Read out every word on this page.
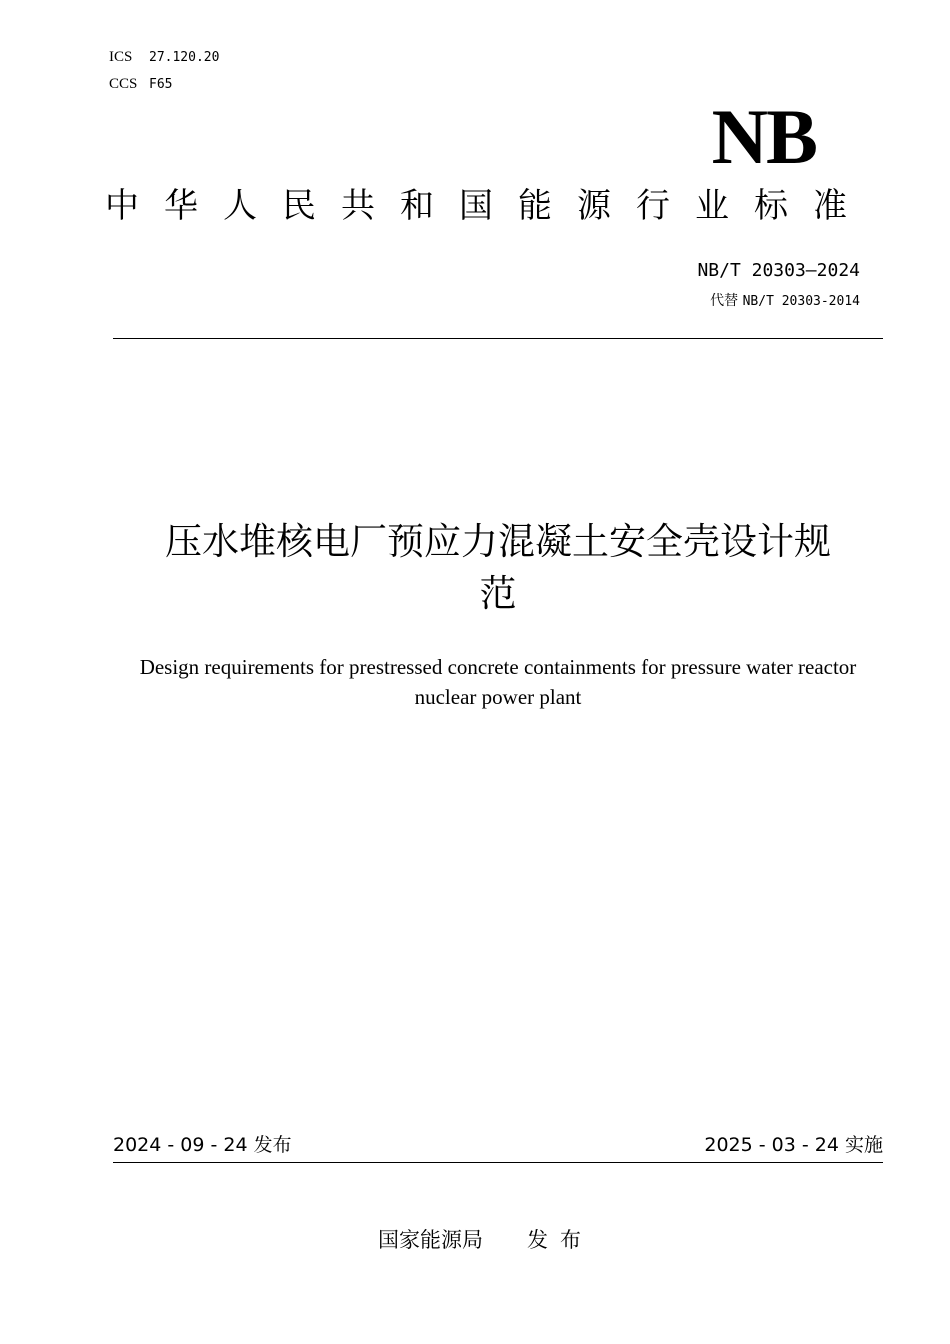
ICS	27.120.20
CCS F65
NB
中华人民共和国能源行业标准
NB/T 20303—2024
代替 NB/T 20303-2014
压水堆核电厂预应力混凝土安全壳设计规
范
Design requirements for prestressed concrete containments for pressure water reactor
nuclear power plant
2024 - 09 - 24 发布	2025 - 03 - 24 实施
国家能源局 发布
